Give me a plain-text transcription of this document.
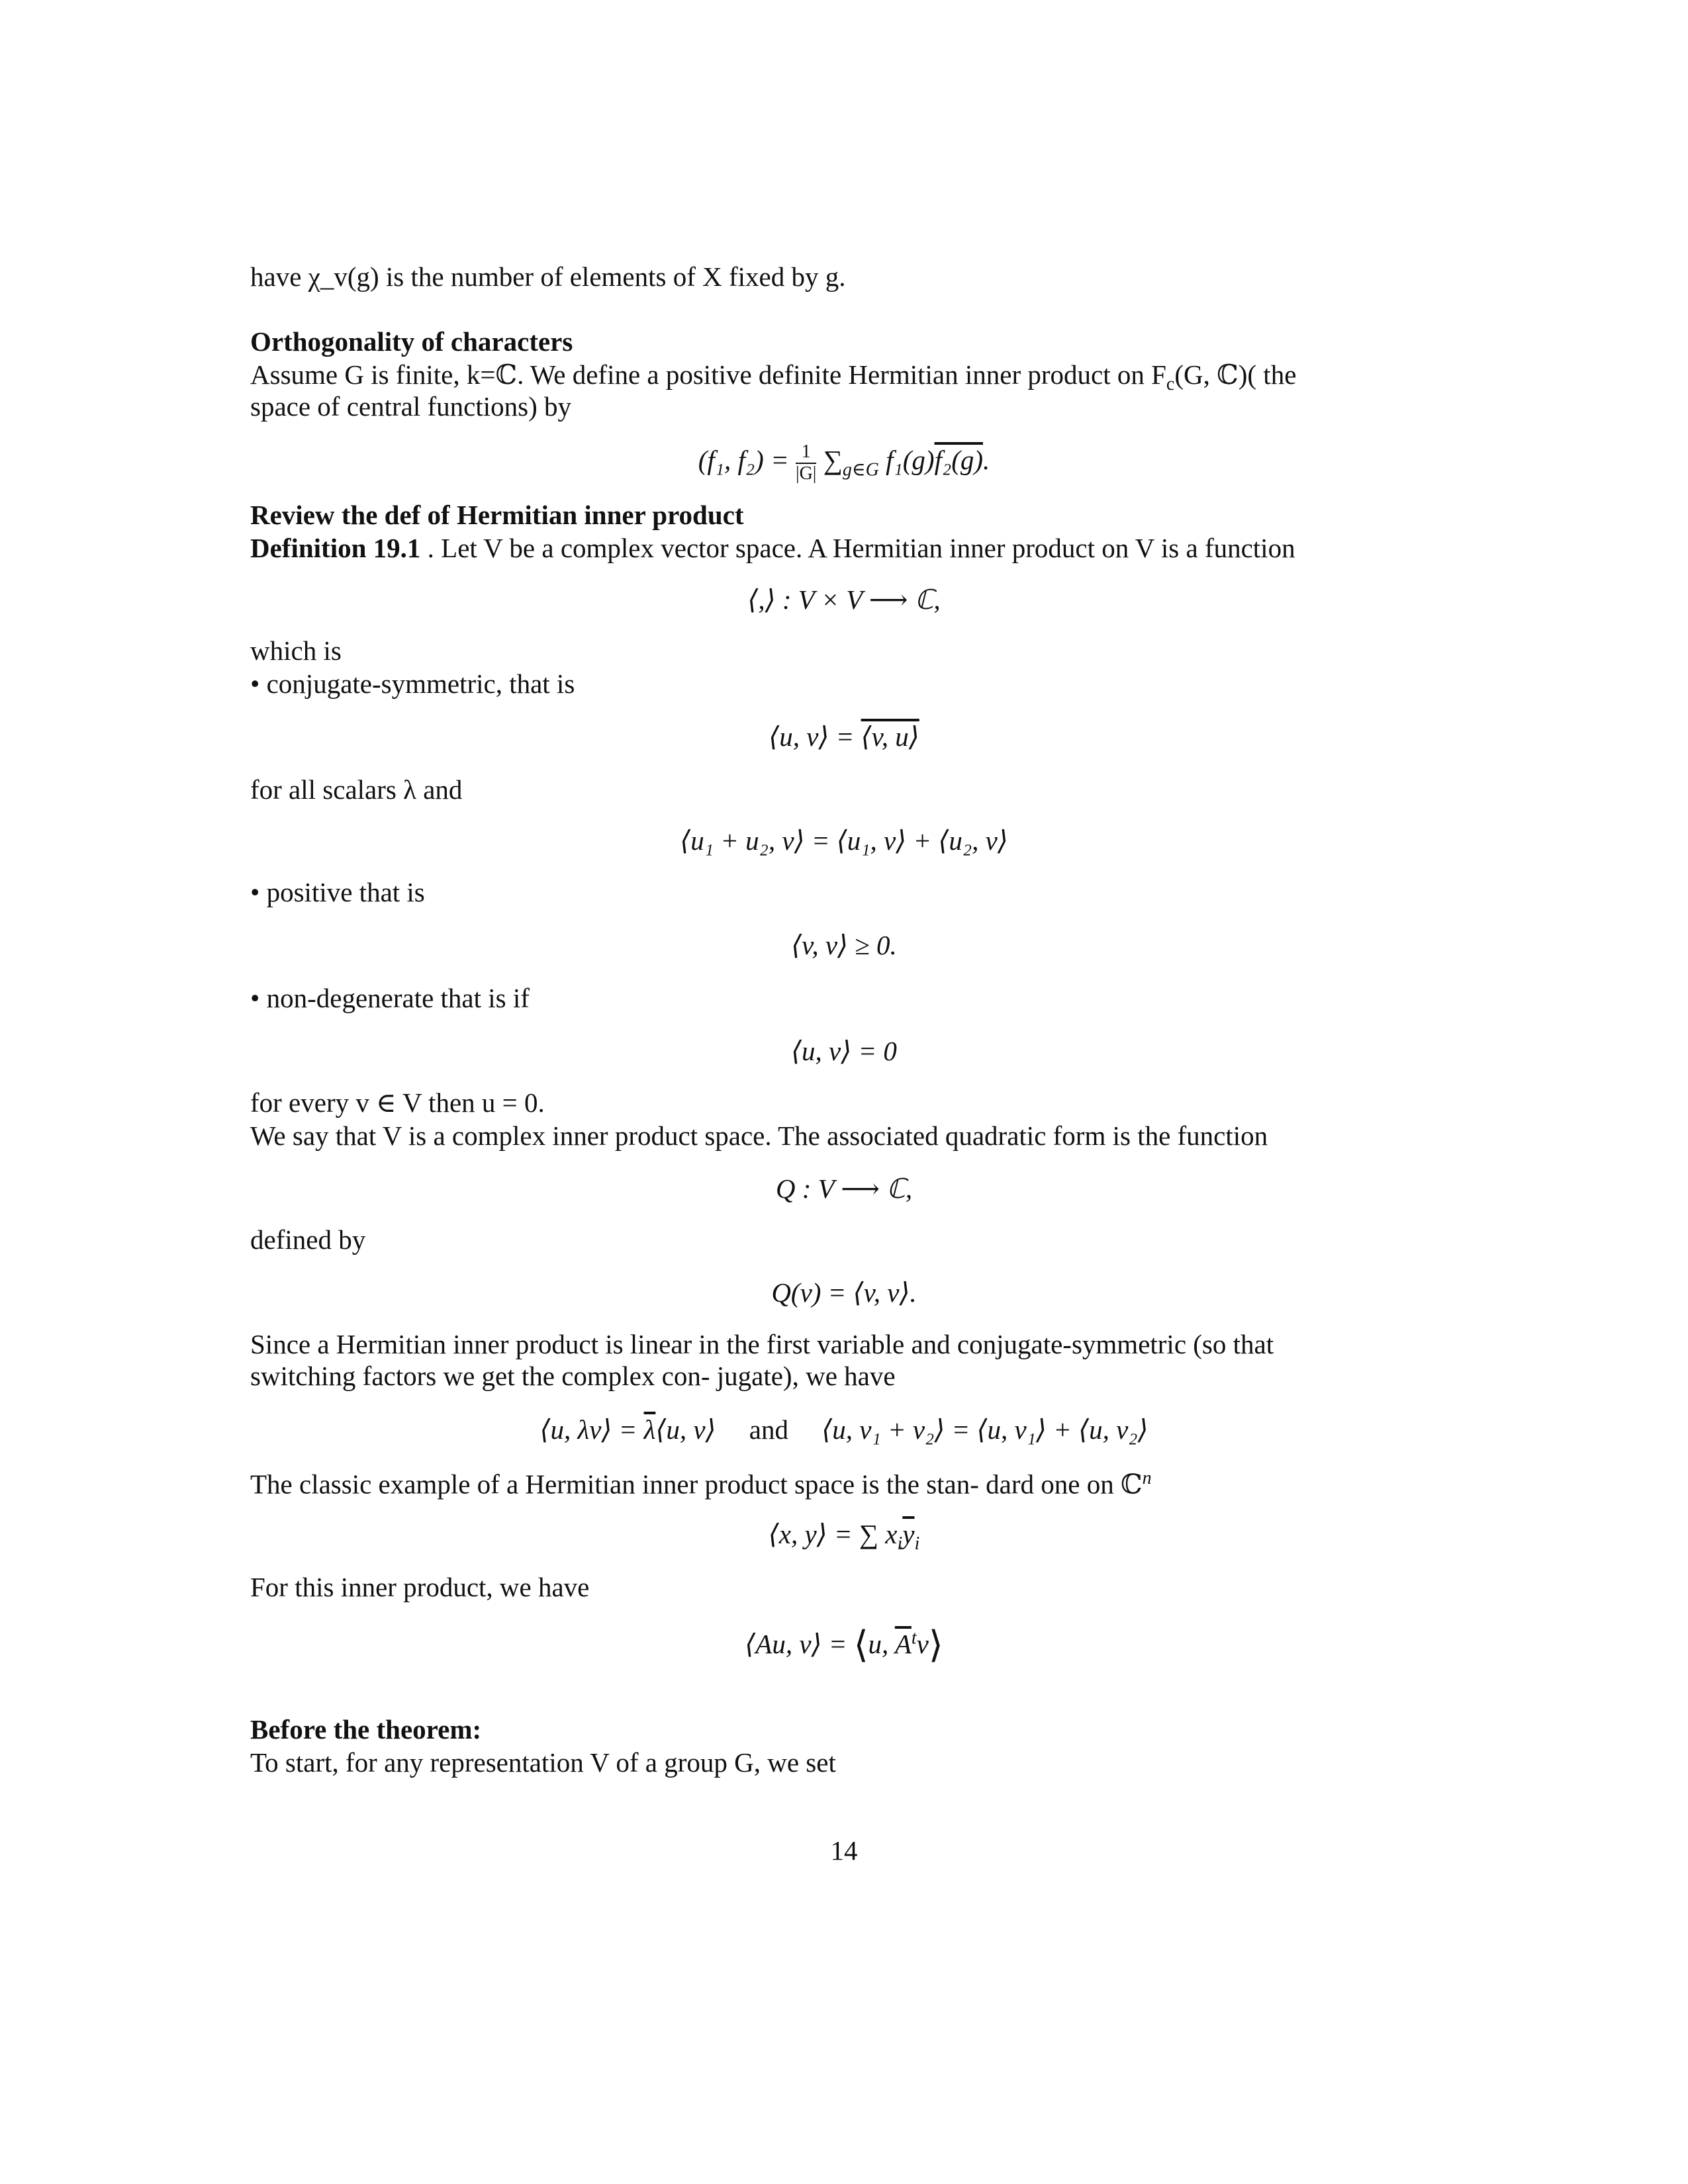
have χ_v(g) is the number of elements of X fixed by g.
Orthogonality of characters
Assume G is finite, k=ℂ. We define a positive definite Hermitian inner product on $F_c(G$, ℂ)( the
space of central functions) by
(f₁, $f_2) = \frac{1}{|G|} \sum_{g\in G}$ f₁(g)f₂(g).
Review the def of Hermitian inner product
Definition 19.1 . Let V be a complex vector space. A Hermitian inner product on V is a function
⟨,⟩ : V × V ⟶ ℂ,
which is
• conjugate-symmetric, that is
⟨u, v⟩ = ⟨v, u⟩
for all scalars λ and
⟨u₁ + u₂, v⟩ = ⟨u₁, v⟩ + ⟨u₂, v⟩
• positive that is
⟨v, v⟩ ≥ 0.
• non-degenerate that is if
⟨u, v⟩ = 0
for every v ∈ V then u = 0.
We say that V is a complex inner product space. The associated quadratic form is the function
Q : V ⟶ ℂ,
defined by
Q(v) = ⟨v, v⟩.
Since a Hermitian inner product is linear in the first variable and conjugate-symmetric (so that
switching factors we get the complex con- jugate), we have
⟨u, λv⟩ = $\overline{\lambda}⟨u$, v⟩ and ⟨u, v₁ + v₂⟩ = ⟨u, v₁⟩ + ⟨u, v₂⟩
The classic example of a Hermitian inner product space is the stan- dard one on ℂ$^n$
⟨x, y⟩ = ∑ $x_i\overline{y}_i$
For this inner product, we have
⟨Au, v⟩ = ⟨u, $\overline{A}^tv⟩$
Before the theorem:
To start, for any representation V of a group G, we set
14
